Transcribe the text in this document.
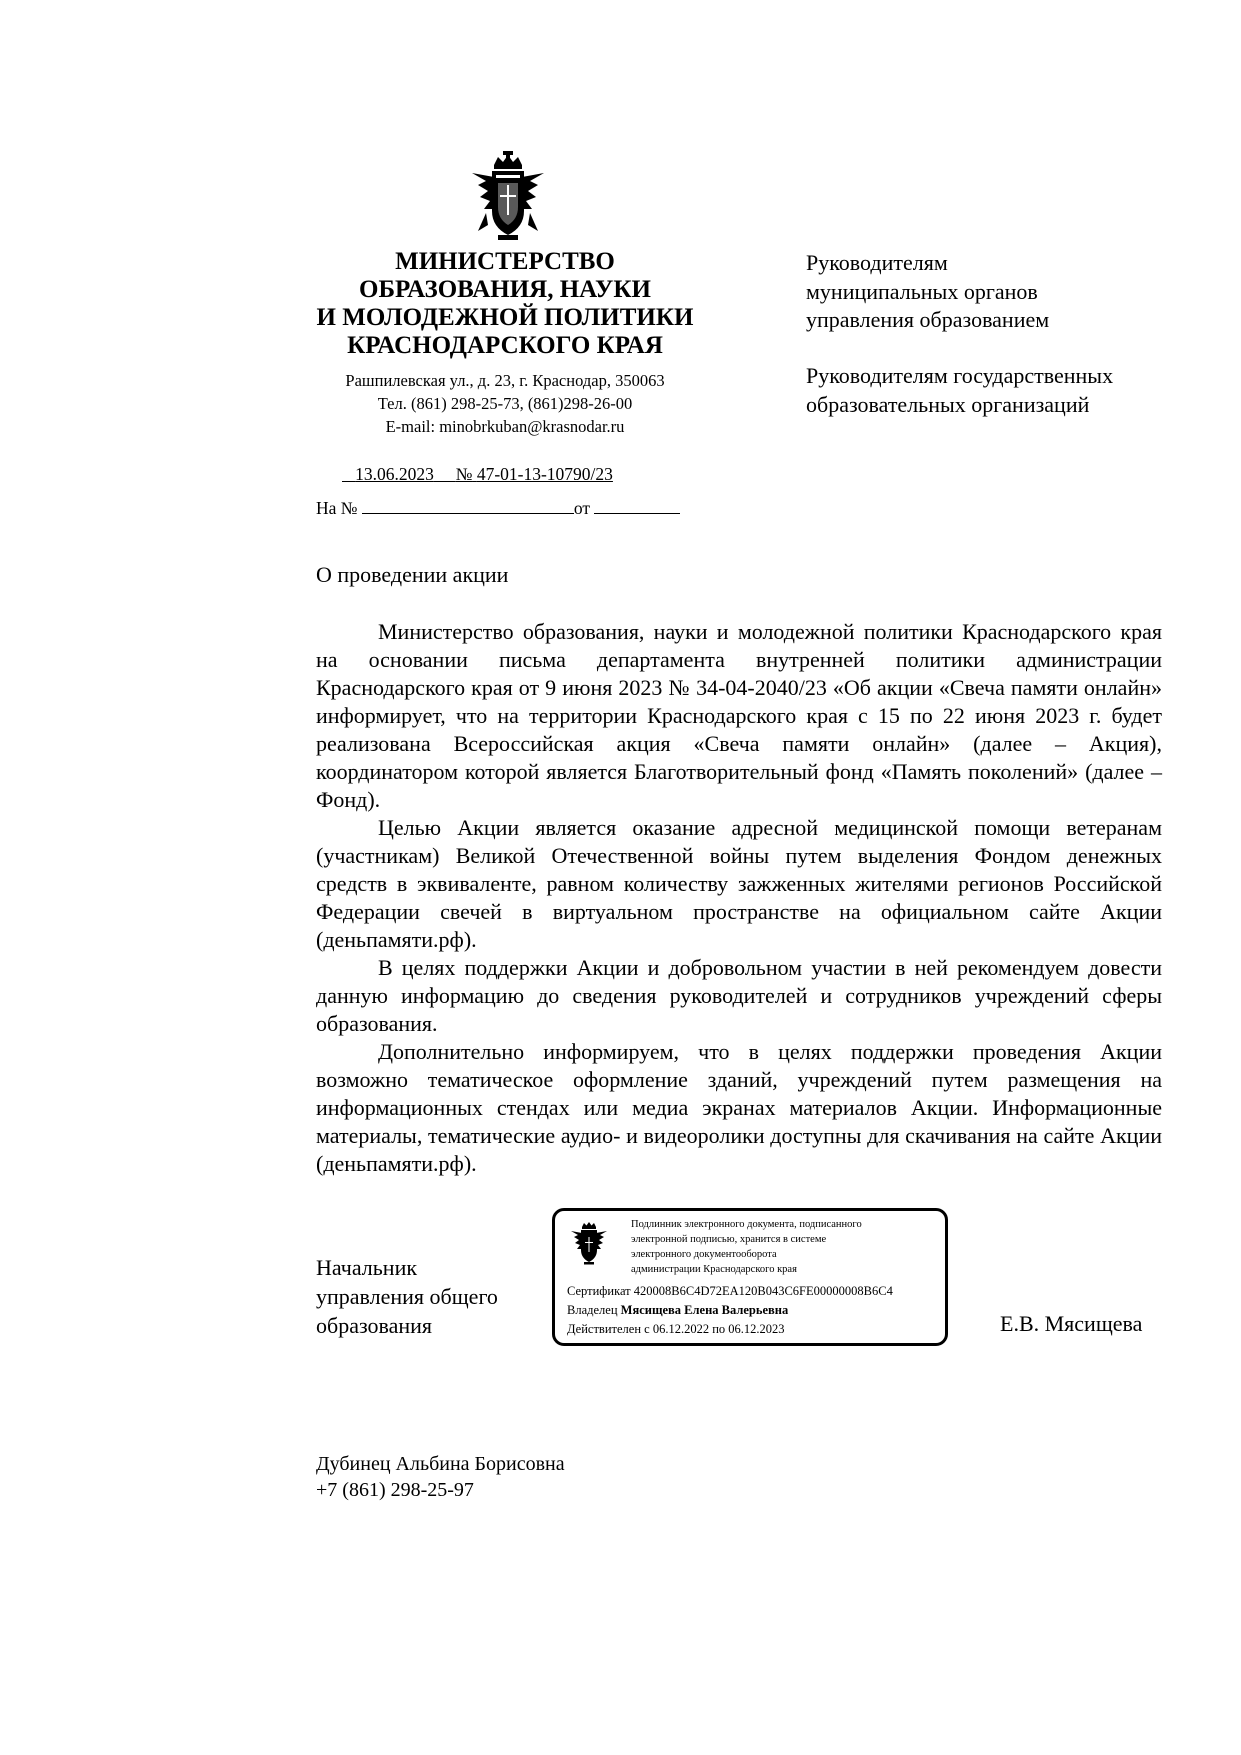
МИНИСТЕРСТВО
ОБРАЗОВАНИЯ, НАУКИ
И МОЛОДЕЖНОЙ ПОЛИТИКИ
КРАСНОДАРСКОГО КРАЯ
Рашпилевская ул., д. 23, г. Краснодар, 350063
Тел. (861) 298-25-73, (861)298-26-00
E-mail: minobrkuban@krasnodar.ru
13.06.2023 № 47-01-13-10790/23
На №	от
Руководителям
муниципальных органов
управления образованием
Руководителям государственных
образовательных организаций
О проведении акции

Министерство образования, науки и молодежной политики Краснодарского края на основании письма департамента внутренней политики администрации Краснодарского края от 9 июня 2023 № 34-04-2040/23 «Об акции «Свеча памяти онлайн» информирует, что на территории Краснодарского края с 15 по 22 июня 2023 г. будет реализована Всероссийская акция «Свеча памяти онлайн» (далее – Акция), координатором которой является Благотворительный фонд «Память поколений» (далее – Фонд).

Целью Акции является оказание адресной медицинской помощи ветеранам (участникам) Великой Отечественной войны путем выделения Фондом денежных средств в эквиваленте, равном количеству зажженных жителями регионов Российской Федерации свечей в виртуальном пространстве на официальном сайте Акции (деньпамяти.рф).

В целях поддержки Акции и добровольном участии в ней рекомендуем довести данную информацию до сведения руководителей и сотрудников учреждений сферы образования.

Дополнительно информируем, что в целях поддержки проведения Акции возможно тематическое оформление зданий, учреждений путем размещения на информационных стендах или медиа экранах материалов Акции. Информационные материалы, тематические аудио- и видеоролики доступны для скачивания на сайте Акции (деньпамяти.рф).

Начальник
управления общего
образования
Подлинник электронного документа, подписанного
электронной подписью, хранится в системе
электронного документооборота
администрации Краснодарского края
Сертификат 420008B6C4D72EA120B043C6FE00000008B6C4
Владелец Мясищева Елена Валерьевна
Действителен с 06.12.2022 по 06.12.2023	Е.В. Мясищева
Дубинец Альбина Борисовна
+7 (861) 298-25-97
